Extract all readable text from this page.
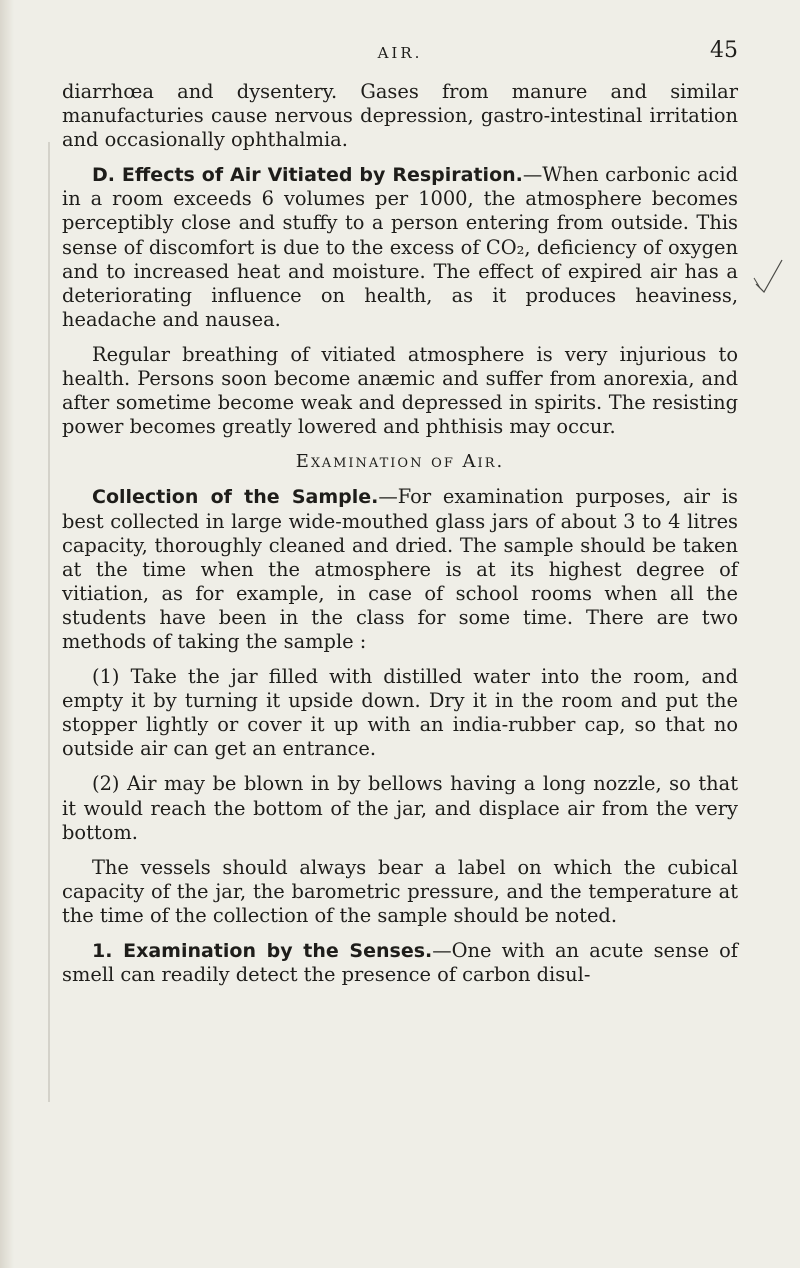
AIR.	45

diarrhœa and dysentery. Gases from manure and similar manufacturies cause nervous depression, gastro-intestinal irritation and occasionally ophthalmia.

D. Effects of Air Vitiated by Respiration.—When carbonic acid in a room exceeds 6 volumes per 1000, the atmosphere becomes perceptibly close and stuffy to a person entering from outside. This sense of discomfort is due to the excess of CO₂, deficiency of oxygen and to increased heat and moisture. The effect of expired air has a deteriorating influence on health, as it produces heaviness, headache and nausea.

Regular breathing of vitiated atmosphere is very injurious to health. Persons soon become anæmic and suffer from anorexia, and after sometime become weak and depressed in spirits. The resisting power becomes greatly lowered and phthisis may occur.

Examination of Air.

Collection of the Sample.—For examination purposes, air is best collected in large wide-mouthed glass jars of about 3 to 4 litres capacity, thoroughly cleaned and dried. The sample should be taken at the time when the atmosphere is at its highest degree of vitiation, as for example, in case of school rooms when all the students have been in the class for some time. There are two methods of taking the sample :

(1) Take the jar filled with distilled water into the room, and empty it by turning it upside down. Dry it in the room and put the stopper lightly or cover it up with an india-rubber cap, so that no outside air can get an entrance.

(2) Air may be blown in by bellows having a long nozzle, so that it would reach the bottom of the jar, and displace air from the very bottom.

The vessels should always bear a label on which the cubical capacity of the jar, the barometric pressure, and the temperature at the time of the collection of the sample should be noted.

1. Examination by the Senses.—One with an acute sense of smell can readily detect the presence of carbon disul-
